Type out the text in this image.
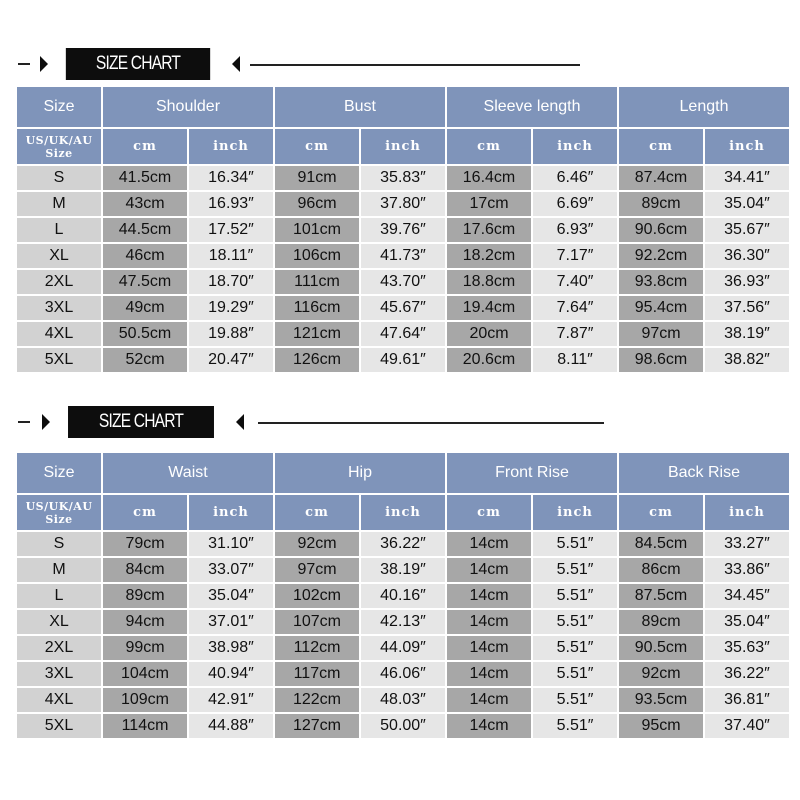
SIZE CHART
Size	Shoulder		Bust		Sleeve length		Length	

US/UK/AU
Size	cm	inch	cm	inch	cm	inch	cm	inch
S	41.5cm	16.34″	91cm	35.83″	16.4cm	6.46″	87.4cm	34.41″
M	43cm	16.93″	96cm	37.80″	17cm	6.69″	89cm	35.04″
L	44.5cm	17.52″	101cm	39.76″	17.6cm	6.93″	90.6cm	35.67″
XL	46cm	18.11″	106cm	41.73″	18.2cm	7.17″	92.2cm	36.30″
2XL	47.5cm	18.70″	111cm	43.70″	18.8cm	7.40″	93.8cm	36.93″
3XL	49cm	19.29″	116cm	45.67″	19.4cm	7.64″	95.4cm	37.56″
4XL	50.5cm	19.88″	121cm	47.64″	20cm	7.87″	97cm	38.19″
5XL	52cm	20.47″	126cm	49.61″	20.6cm	8.11″	98.6cm	38.82″
SIZE CHART
Size	Waist		Hip		Front Rise		Back Rise	

US/UK/AU
Size	cm	inch	cm	inch	cm	inch	cm	inch
S	79cm	31.10″	92cm	36.22″	14cm	5.51″	84.5cm	33.27″
M	84cm	33.07″	97cm	38.19″	14cm	5.51″	86cm	33.86″
L	89cm	35.04″	102cm	40.16″	14cm	5.51″	87.5cm	34.45″
XL	94cm	37.01″	107cm	42.13″	14cm	5.51″	89cm	35.04″
2XL	99cm	38.98″	112cm	44.09″	14cm	5.51″	90.5cm	35.63″
3XL	104cm	40.94″	117cm	46.06″	14cm	5.51″	92cm	36.22″
4XL	109cm	42.91″	122cm	48.03″	14cm	5.51″	93.5cm	36.81″
5XL	114cm	44.88″	127cm	50.00″	14cm	5.51″	95cm	37.40″
